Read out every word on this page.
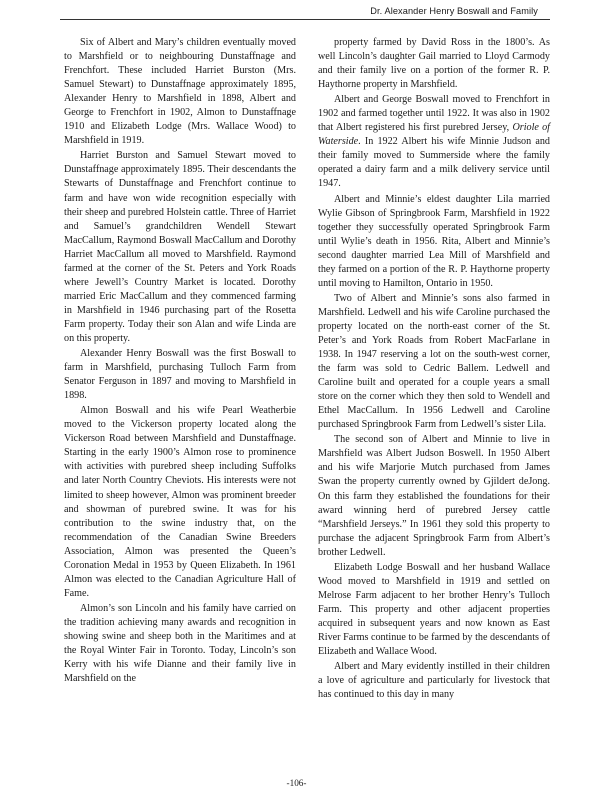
Dr. Alexander Henry Boswall and Family

Six of Albert and Mary’s children eventually moved to Marshfield or to neighbouring Dunstaffnage and Frenchfort. These included Harriet Burston (Mrs. Samuel Stewart) to Dunstaffnage approximately 1895, Alexander Henry to Marshfield in 1898, Albert and George to Frenchfort in 1902, Almon to Dunstaffnage 1910 and Elizabeth Lodge (Mrs. Wallace Wood) to Marshfield in 1919.

Harriet Burston and Samuel Stewart moved to Dunstaffnage approximately 1895. Their descendants the Stewarts of Dunstaffnage and Frenchfort continue to farm and have won wide recognition especially with their sheep and purebred Holstein cattle. Three of Harriet and Samuel’s grandchildren Wendell Stewart MacCallum, Raymond Boswall MacCallum and Dorothy Harriet MacCallum all moved to Marshfield. Raymond farmed at the corner of the St. Peters and York Roads where Jewell’s Country Market is located. Dorothy married Eric MacCallum and they commenced farming in Marshfield in 1946 purchasing part of the Rosetta Farm property. Today their son Alan and wife Linda are on this property.

Alexander Henry Boswall was the first Boswall to farm in Marshfield, purchasing Tulloch Farm from Senator Ferguson in 1897 and moving to Marshfield in 1898.

Almon Boswall and his wife Pearl Weatherbie moved to the Vickerson property located along the Vickerson Road between Marshfield and Dunstaffnage. Starting in the early 1900’s Almon rose to prominence with activities with purebred sheep including Suffolks and later North Country Cheviots. His interests were not limited to sheep however, Almon was prominent breeder and showman of purebred swine. It was for his contribution to the swine industry that, on the recommendation of the Canadian Swine Breeders Association, Almon was presented the Queen’s Coronation Medal in 1953 by Queen Elizabeth. In 1961 Almon was elected to the Canadian Agriculture Hall of Fame.

Almon’s son Lincoln and his family have carried on the tradition achieving many awards and recognition in showing swine and sheep both in the Maritimes and at the Royal Winter Fair in Toronto. Today, Lincoln’s son Kerry with his wife Dianne and their family live in Marshfield on the

property farmed by David Ross in the 1800’s. As well Lincoln’s daughter Gail married to Lloyd Carmody and their family live on a portion of the former R. P. Haythorne property in Marshfield.

Albert and George Boswall moved to Frenchfort in 1902 and farmed together until 1922. It was also in 1902 that Albert registered his first purebred Jersey, Oriole of Waterside. In 1922 Albert his wife Minnie Judson and their family moved to Summerside where the family operated a dairy farm and a milk delivery service until 1947.

Albert and Minnie’s eldest daughter Lila married Wylie Gibson of Springbrook Farm, Marshfield in 1922 together they successfully operated Springbrook Farm until Wylie’s death in 1956. Rita, Albert and Minnie’s second daughter married Lea Mill of Marshfield and they farmed on a portion of the R. P. Haythorne property until moving to Hamilton, Ontario in 1950.

Two of Albert and Minnie’s sons also farmed in Marshfield. Ledwell and his wife Caroline purchased the property located on the north-east corner of the St. Peter’s and York Roads from Robert MacFarlane in 1938. In 1947 reserving a lot on the south-west corner, the farm was sold to Cedric Ballem. Ledwell and Caroline built and operated for a couple years a small store on the corner which they then sold to Wendell and Ethel MacCallum. In 1956 Ledwell and Caroline purchased Springbrook Farm from Ledwell’s sister Lila.

The second son of Albert and Minnie to live in Marshfield was Albert Judson Boswell. In 1950 Albert and his wife Marjorie Mutch purchased from James Swan the property currently owned by Gjildert deJong. On this farm they established the foundations for their award winning herd of purebred Jersey cattle “Marshfield Jerseys.” In 1961 they sold this property to purchase the adjacent Springbrook Farm from Albert’s brother Ledwell.

Elizabeth Lodge Boswall and her husband Wallace Wood moved to Marshfield in 1919 and settled on Melrose Farm adjacent to her brother Henry’s Tulloch Farm. This property and other adjacent properties acquired in subsequent years and now known as East River Farms continue to be farmed by the descendants of Elizabeth and Wallace Wood.

Albert and Mary evidently instilled in their children a love of agriculture and particularly for livestock that has continued to this day in many

-106-
